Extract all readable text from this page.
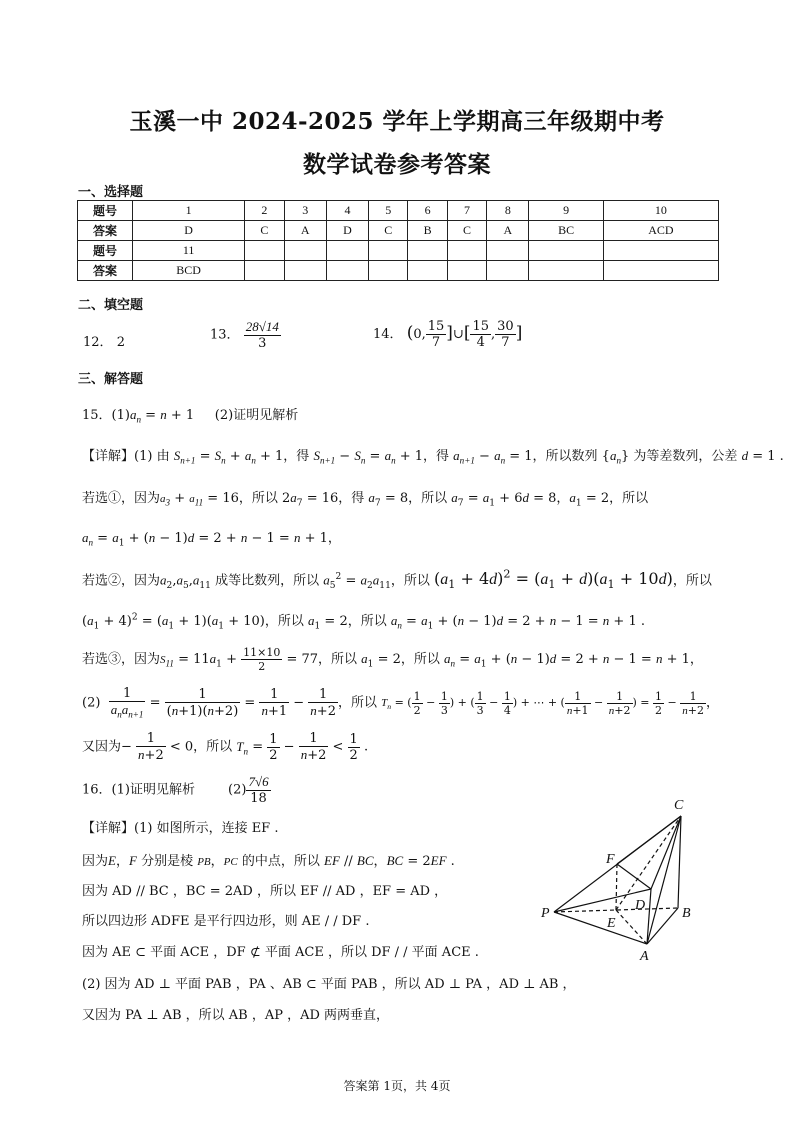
玉溪一中 2024-2025 学年上学期高三年级期中考
数学试卷参考答案
一、选择题
题号	1	2	3	4	5	6	7	8	9	10
答案	D	C	A	D	C	B	C	A	BC	ACD
题号	11									
答案	BCD									
二、填空题
12． 2	13． $\frac{28√14}{3}$	14． (0, $\frac{15}{7}$ ]∪[ $\frac{15}{4}$ , $\frac{30}{7}$ ]
三、解答题
15．$(1)a_n = n + 1$     (2)证明见解析
【详解】(1) 由 $S_{n+1} = S_n + a_n + 1$，得 $S_{n+1} - S_n = a_n + 1$，得 $a_{n+1} - a_n = 1$，所以数列 $\{a_n\}$ 为等差数列，公差 d = 1 .
若选①，因为$a_3 + a_{11} = 16$，所以 $2a_7 = 16$，得 $a_7 = 8$，所以 $a_7 = a_1 + 6d = 8$，$a_1 = 2$，所以
$a_n = a_1 + (n - 1)d = 2 + n - 1 = n + 1$，
若选②，因为$a_2,a_5,a_{11}$ 成等比数列，所以 $a_5^2 = a_2a_{11}$，所以 $(a_1 + 4d)^2 = (a_1 + d)(a_1 + 10d)$，所以
$(a_1 + 4)^2 = (a_1 + 1)(a_1 + 10)$，所以 $a_1 = 2$，所以 $a_n = a_1 + (n - 1)d = 2 + n - 1 = n + 1$ .
若选③，因为$S_{11} = 11a_1 + \frac{11\times 10}{2} = 77$，所以 $a_1 = 2$，所以 $a_n = a_1 + (n - 1)d = 2 + n - 1 = n + 1$，
$(2) \frac{1}{a_na_{n+1}} = \frac{1}{(n+1)(n+2)} = \frac{1}{n+1} - \frac{1}{n+2}$ ，所以 $T_n$ = ( $\frac{1}{2} - \frac{1}{3}$ ) + ( $\frac{1}{3} - \frac{1}{4}$ ) + ⋯ + ( $\frac{1}{n+1} - \frac{1}{n+2}$ ) = $\frac{1}{2} - \frac{1}{n+2}$ ，
又因为− $\frac{1}{n+2} < 0$，所以 $T_n = \frac{1}{2} - \frac{1}{n+2} < \frac{1}{2}$ .
16．(1)证明见解析	$(2) \frac{7√6}{18}$
【详解】(1) 如图所示，连接 EF .
因为E，F 分别是棱 PB，PC 的中点，所以 EF // BC，BC = 2EF .
因为 AD // BC ，BC = 2AD ，所以 EF // AD ，EF = AD ，
所以四边形 ADFE 是平行四边形，则 AE / / DF .
因为 AE ⊂ 平面 ACE ，DF ⊄ 平面 ACE ，所以 DF / / 平面 ACE .
(2) 因为 AD ⊥ 平面 PAB ，PA 、AB ⊂ 平面 PAB ，所以 AD ⊥ PA ，AD ⊥ AB ，
又因为 PA ⊥ AB ，所以 AB ，AP ，AD 两两垂直，
C
F
D
P	B
E
A
答案第 1页，共 4页
